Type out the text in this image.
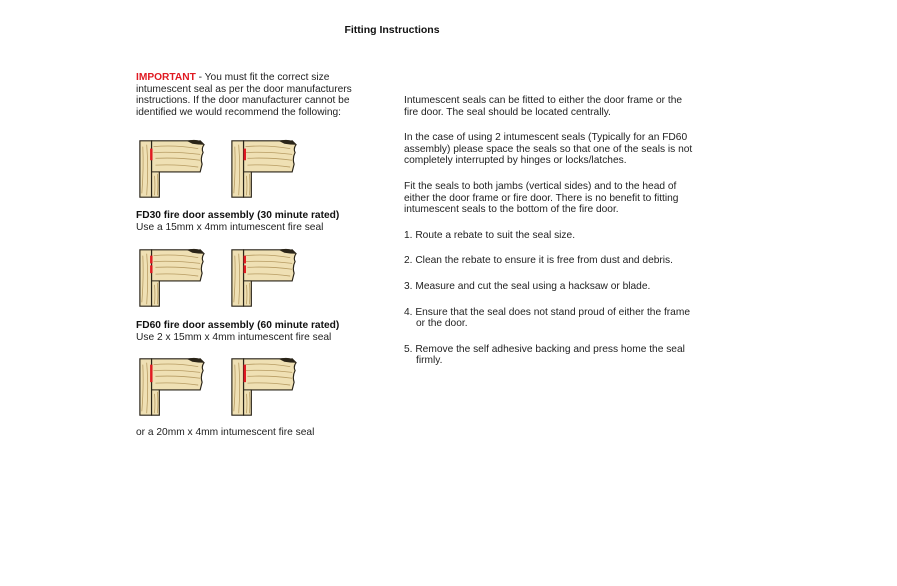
Fitting Instructions

IMPORTANT - You must fit the correct size intumescent seal as per the door manufacturers instructions. If the door manufacturer cannot be identified we would recommend the following:

FD30 fire door assembly (30 minute rated)
Use a 15mm x 4mm intumescent fire seal
FD60 fire door assembly (60 minute rated)
Use 2 x 15mm x 4mm intumescent fire seal
or a 20mm x 4mm intumescent fire seal

Intumescent seals can be fitted to either the door frame or the fire door. The seal should be located centrally.

In the case of using 2 intumescent seals (Typically for an FD60 assembly) please space the seals so that one of the seals is not completely interrupted by hinges or locks/latches.

Fit the seals to both jambs (vertical sides) and to the head of either the door frame or fire door. There is no benefit to fitting intumescent seals to the bottom of the fire door.

1. Route a rebate to suit the seal size.

2. Clean the rebate to ensure it is free from dust and debris.

3. Measure and cut the seal using a hacksaw or blade.

4. Ensure that the seal does not stand proud of either the frame or the door.

5. Remove the self adhesive backing and press home the seal firmly.
